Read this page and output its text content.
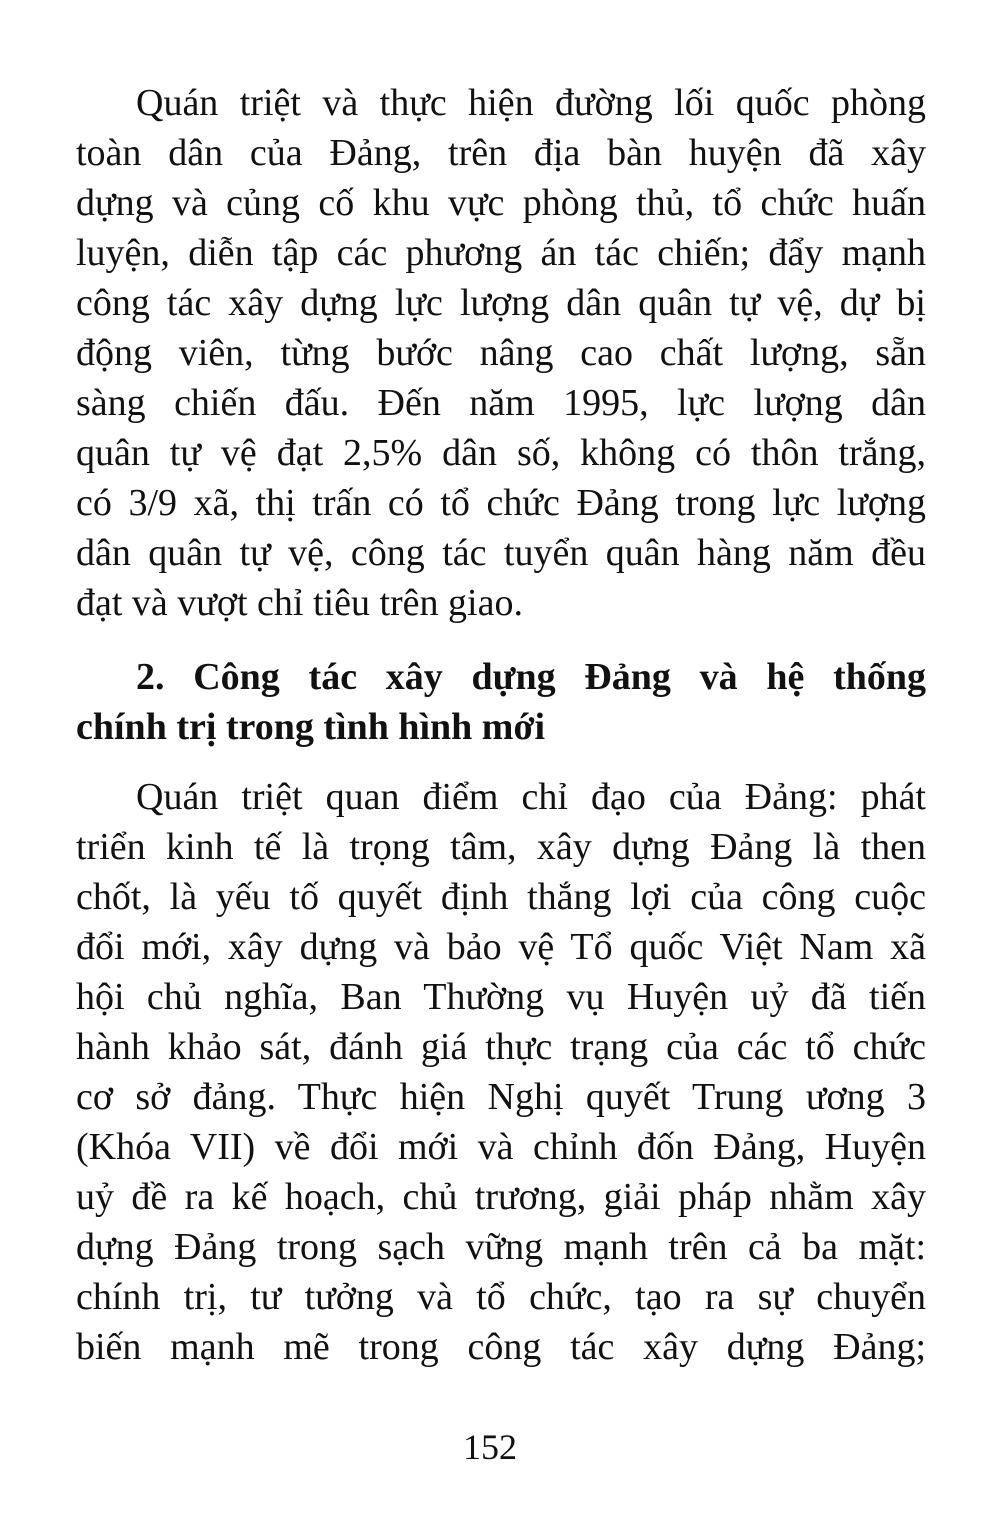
Quán triệt và thực hiện đường lối quốc phòng
toàn dân của Đảng, trên địa bàn huyện đã xây
dựng và củng cố khu vực phòng thủ, tổ chức huấn
luyện, diễn tập các phương án tác chiến; đẩy mạnh
công tác xây dựng lực lượng dân quân tự vệ, dự bị
động viên, từng bước nâng cao chất lượng, sẵn
sàng chiến đấu. Đến năm 1995, lực lượng dân
quân tự vệ đạt 2,5% dân số, không có thôn trắng,
có 3/9 xã, thị trấn có tổ chức Đảng trong lực lượng
dân quân tự vệ, công tác tuyển quân hàng năm đều
đạt và vượt chỉ tiêu trên giao.
2. Công tác xây dựng Đảng và hệ thống
chính trị trong tình hình mới
Quán triệt quan điểm chỉ đạo của Đảng: phát
triển kinh tế là trọng tâm, xây dựng Đảng là then
chốt, là yếu tố quyết định thắng lợi của công cuộc
đổi mới, xây dựng và bảo vệ Tổ quốc Việt Nam xã
hội chủ nghĩa, Ban Thường vụ Huyện uỷ đã tiến
hành khảo sát, đánh giá thực trạng của các tổ chức
cơ sở đảng. Thực hiện Nghị quyết Trung ương 3
(Khóa VII) về đổi mới và chỉnh đốn Đảng, Huyện
uỷ đề ra kế hoạch, chủ trương, giải pháp nhằm xây
dựng Đảng trong sạch vững mạnh trên cả ba mặt:
chính trị, tư tưởng và tổ chức, tạo ra sự chuyển
biến mạnh mẽ trong công tác xây dựng Đảng;
152
